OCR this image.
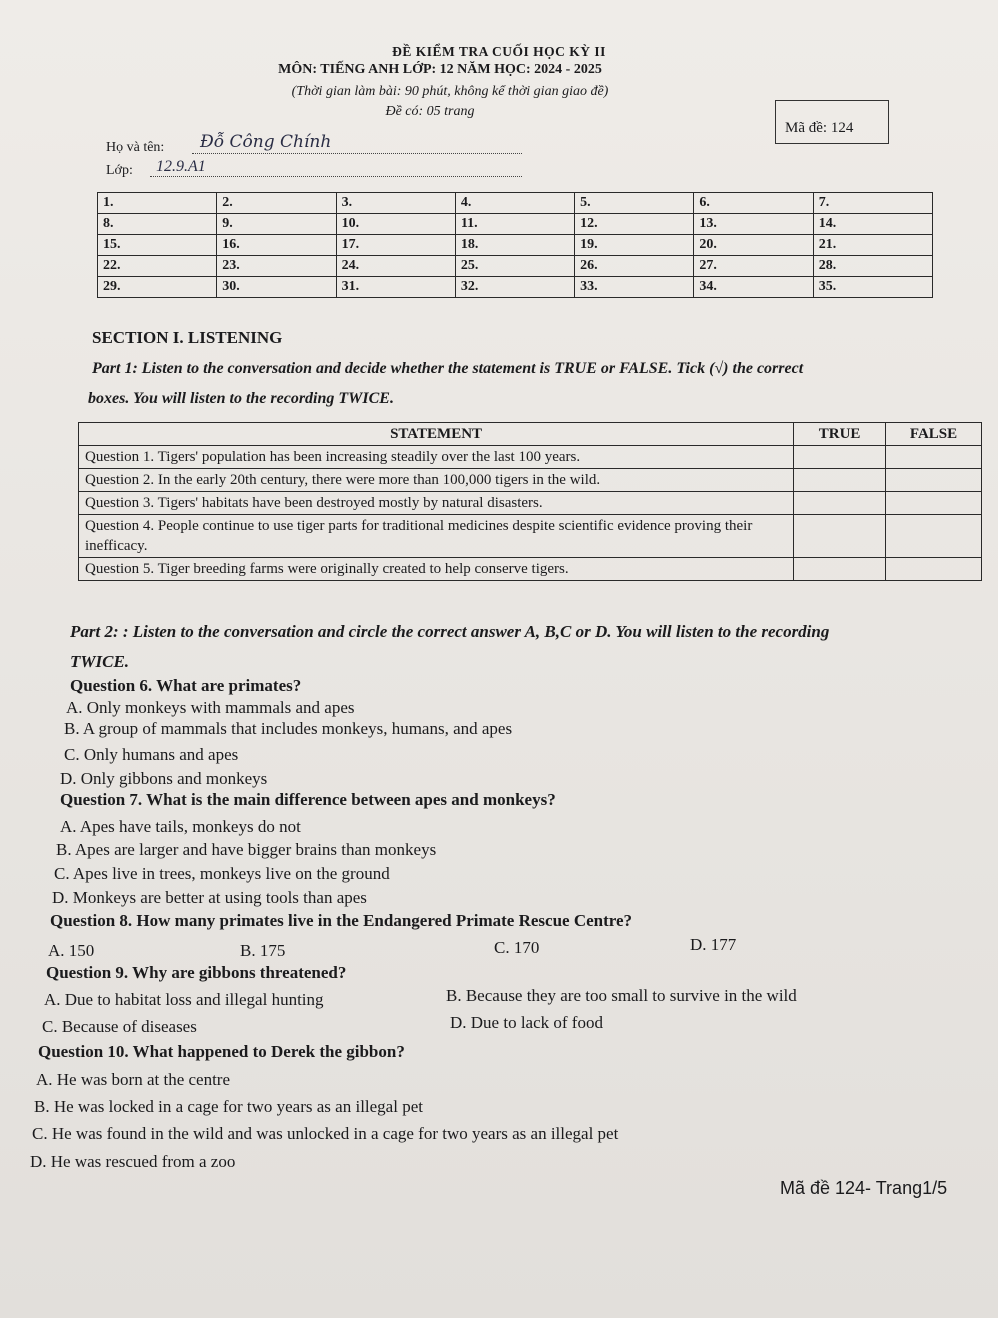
ĐỀ KIỂM TRA CUỐI HỌC KỲ II
MÔN: TIẾNG ANH LỚP: 12 NĂM HỌC: 2024 - 2025
(Thời gian làm bài: 90 phút, không kể thời gian giao đề)
Đề có: 05 trang
Mã đề: 124
Họ và tên: Đỗ Công Chính
Lớp: 12.9.A1
1.	2.	3.	4.	5.	6.	7.
8.	9.	10.	11.	12.	13.	14.
15.	16.	17.	18.	19.	20.	21.
22.	23.	24.	25.	26.	27.	28.
29.	30.	31.	32.	33.	34.	35.
SECTION I. LISTENING
Part 1: Listen to the conversation and decide whether the statement is TRUE or FALSE. Tick (√) the correct
boxes. You will listen to the recording TWICE.
STATEMENT	TRUE	FALSE
Question 1. Tigers' population has been increasing steadily over the last 100 years.		
Question 2. In the early 20th century, there were more than 100,000 tigers in the wild.		
Question 3. Tigers' habitats have been destroyed mostly by natural disasters.		
Question 4. People continue to use tiger parts for traditional medicines despite scientific evidence proving their inefficacy.		
Question 5. Tiger breeding farms were originally created to help conserve tigers.		
Part 2: : Listen to the conversation and circle the correct answer A, B,C or D. You will listen to the recording
TWICE.
Question 6. What are primates?
A. Only monkeys with mammals and apes
B. A group of mammals that includes monkeys, humans, and apes
C. Only humans and apes
D. Only gibbons and monkeys
Question 7. What is the main difference between apes and monkeys?
A. Apes have tails, monkeys do not
B. Apes are larger and have bigger brains than monkeys
C. Apes live in trees, monkeys live on the ground
D. Monkeys are better at using tools than apes
Question 8. How many primates live in the Endangered Primate Rescue Centre?
A. 150	B. 175	C. 170	D. 177
Question 9. Why are gibbons threatened?
A. Due to habitat loss and illegal hunting	B. Because they are too small to survive in the wild
C. Because of diseases	D. Due to lack of food
Question 10. What happened to Derek the gibbon?
A. He was born at the centre
B. He was locked in a cage for two years as an illegal pet
C. He was found in the wild and was unlocked in a cage for two years as an illegal pet
D. He was rescued from a zoo
Mã đề 124- Trang1/5
